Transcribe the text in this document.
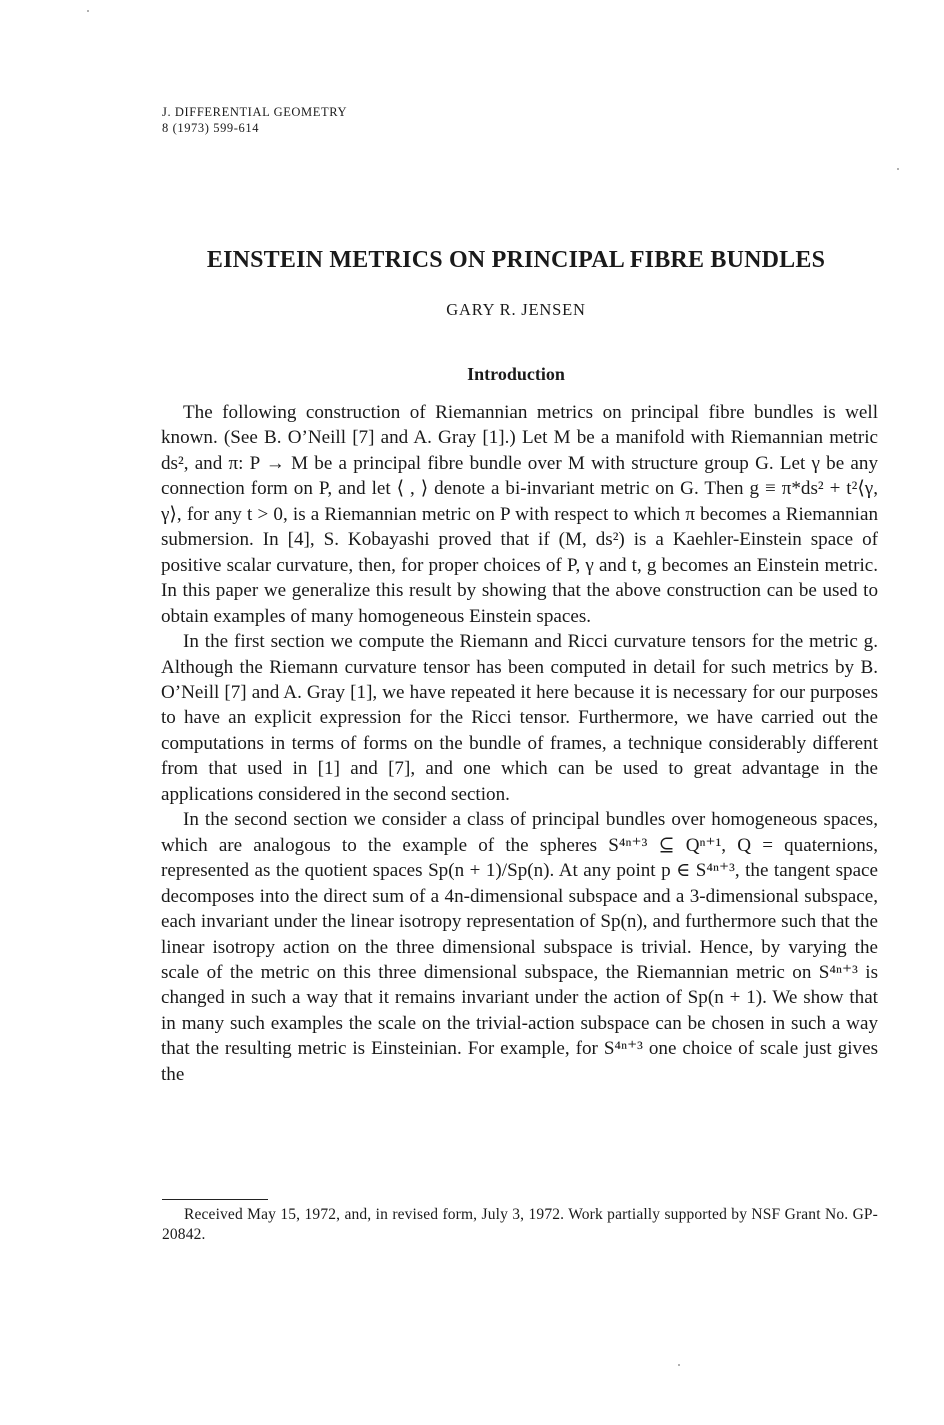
J. DIFFERENTIAL GEOMETRY
8 (1973) 599-614
EINSTEIN METRICS ON PRINCIPAL FIBRE BUNDLES
GARY R. JENSEN
Introduction

The following construction of Riemannian metrics on principal fibre bundles is well known. (See B. O’Neill [7] and A. Gray [1].) Let M be a manifold with Riemannian metric ds², and π: P → M be a principal fibre bundle over M with structure group G. Let γ be any connection form on P, and let ⟨ , ⟩ denote a bi-invariant metric on G. Then g ≡ π*ds² + t²⟨γ, γ⟩, for any t > 0, is a Riemannian metric on P with respect to which π becomes a Riemannian submersion. In [4], S. Kobayashi proved that if (M, ds²) is a Kaehler-Einstein space of positive scalar curvature, then, for proper choices of P, γ and t, g becomes an Einstein metric. In this paper we generalize this result by showing that the above construction can be used to obtain examples of many homogeneous Einstein spaces.

In the first section we compute the Riemann and Ricci curvature tensors for the metric g. Although the Riemann curvature tensor has been computed in detail for such metrics by B. O’Neill [7] and A. Gray [1], we have repeated it here because it is necessary for our purposes to have an explicit expression for the Ricci tensor. Furthermore, we have carried out the computations in terms of forms on the bundle of frames, a technique considerably different from that used in [1] and [7], and one which can be used to great advantage in the applications considered in the second section.

In the second section we consider a class of principal bundles over homogeneous spaces, which are analogous to the example of the spheres S⁴ⁿ⁺³ ⊆ Qⁿ⁺¹, Q = quaternions, represented as the quotient spaces Sp(n + 1)/Sp(n). At any point p ∈ S⁴ⁿ⁺³, the tangent space decomposes into the direct sum of a 4n-dimensional subspace and a 3-dimensional subspace, each invariant under the linear isotropy representation of Sp(n), and furthermore such that the linear isotropy action on the three dimensional subspace is trivial. Hence, by varying the scale of the metric on this three dimensional subspace, the Riemannian metric on S⁴ⁿ⁺³ is changed in such a way that it remains invariant under the action of Sp(n + 1). We show that in many such examples the scale on the trivial-action subspace can be chosen in such a way that the resulting metric is Einsteinian. For example, for S⁴ⁿ⁺³ one choice of scale just gives the

Received May 15, 1972, and, in revised form, July 3, 1972. Work partially supported by NSF Grant No. GP-20842.
